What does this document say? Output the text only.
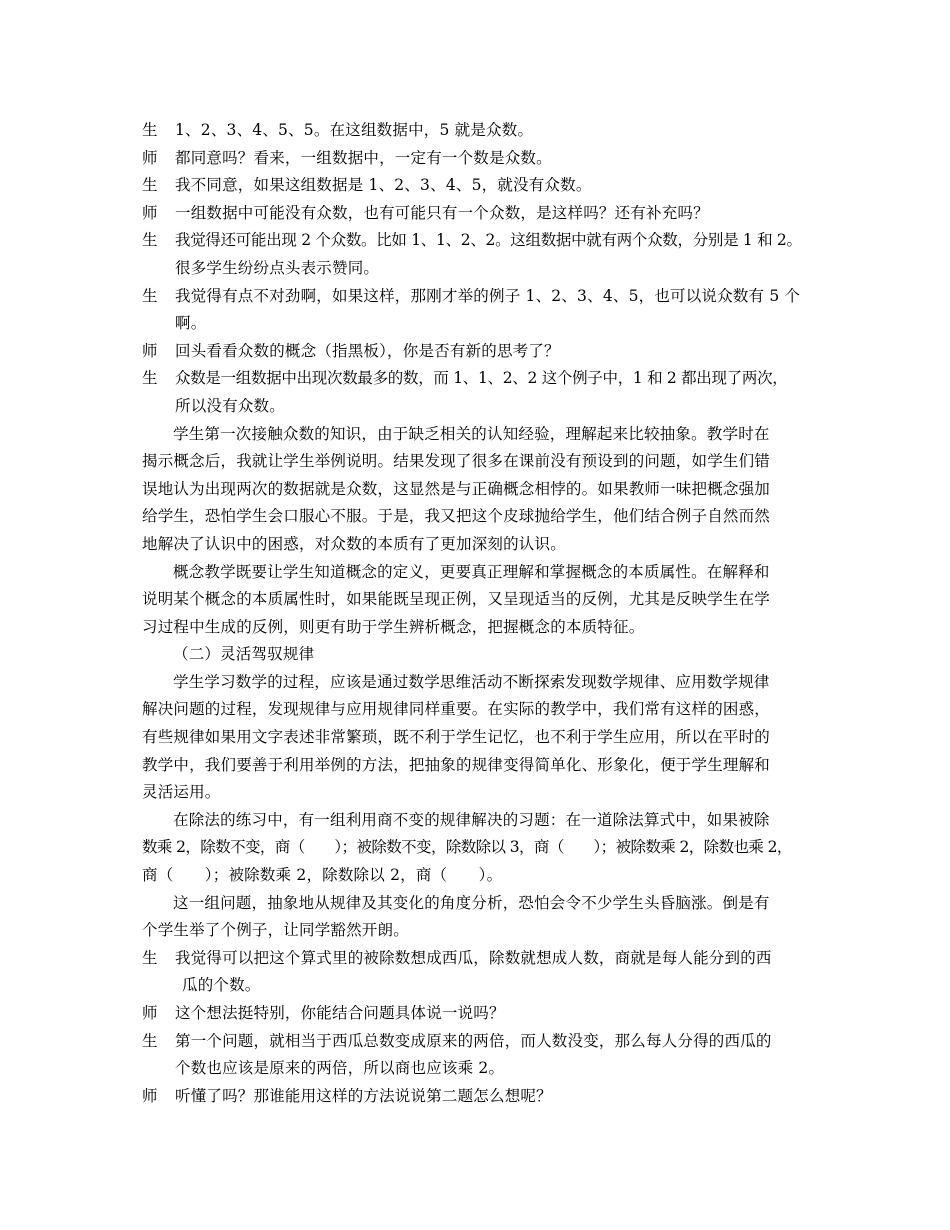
生	1、2、3、4、5、5。在这组数据中，5 就是众数。
师	都同意吗？看来，一组数据中，一定有一个数是众数。
生	我不同意，如果这组数据是 1、2、3、4、5，就没有众数。
师	一组数据中可能没有众数，也有可能只有一个众数，是这样吗？还有补充吗？
生	我觉得还可能出现 2 个众数。比如 1、1、2、2。这组数据中就有两个众数，分别是 1 和 2。
很多学生纷纷点头表示赞同。
生	我觉得有点不对劲啊，如果这样，那刚才举的例子 1、2、3、4、5，也可以说众数有 5 个
啊。
师	回头看看众数的概念（指黑板），你是否有新的思考了？
生	众数是一组数据中出现次数最多的数，而 1、1、2、2 这个例子中，1 和 2 都出现了两次，
所以没有众数。
学生第一次接触众数的知识，由于缺乏相关的认知经验，理解起来比较抽象。教学时在
揭示概念后，我就让学生举例说明。结果发现了很多在课前没有预设到的问题，如学生们错
误地认为出现两次的数据就是众数，这显然是与正确概念相悖的。如果教师一味把概念强加
给学生，恐怕学生会口服心不服。于是，我又把这个皮球抛给学生，他们结合例子自然而然
地解决了认识中的困惑，对众数的本质有了更加深刻的认识。
概念教学既要让学生知道概念的定义，更要真正理解和掌握概念的本质属性。在解释和
说明某个概念的本质属性时，如果能既呈现正例，又呈现适当的反例，尤其是反映学生在学
习过程中生成的反例，则更有助于学生辨析概念，把握概念的本质特征。
（二）灵活驾驭规律
学生学习数学的过程，应该是通过数学思维活动不断探索发现数学规律、应用数学规律
解决问题的过程，发现规律与应用规律同样重要。在实际的教学中，我们常有这样的困惑，
有些规律如果用文字表述非常繁琐，既不利于学生记忆，也不利于学生应用，所以在平时的
教学中，我们要善于利用举例的方法，把抽象的规律变得简单化、形象化，便于学生理解和
灵活运用。
在除法的练习中，有一组利用商不变的规律解决的习题：在一道除法算式中，如果被除
数乘 2，除数不变，商（　　）；被除数不变，除数除以 3，商（　　）；被除数乘 2，除数也乘 2，
商（　　）；被除数乘 2，除数除以 2，商（　　）。
这一组问题，抽象地从规律及其变化的角度分析，恐怕会令不少学生头昏脑涨。倒是有
个学生举了个例子，让同学豁然开朗。
生	我觉得可以把这个算式里的被除数想成西瓜，除数就想成人数，商就是每人能分到的西
瓜的个数。
师	这个想法挺特别，你能结合问题具体说一说吗？
生	第一个问题，就相当于西瓜总数变成原来的两倍，而人数没变，那么每人分得的西瓜的
个数也应该是原来的两倍，所以商也应该乘 2。
师	听懂了吗？那谁能用这样的方法说说第二题怎么想呢？
